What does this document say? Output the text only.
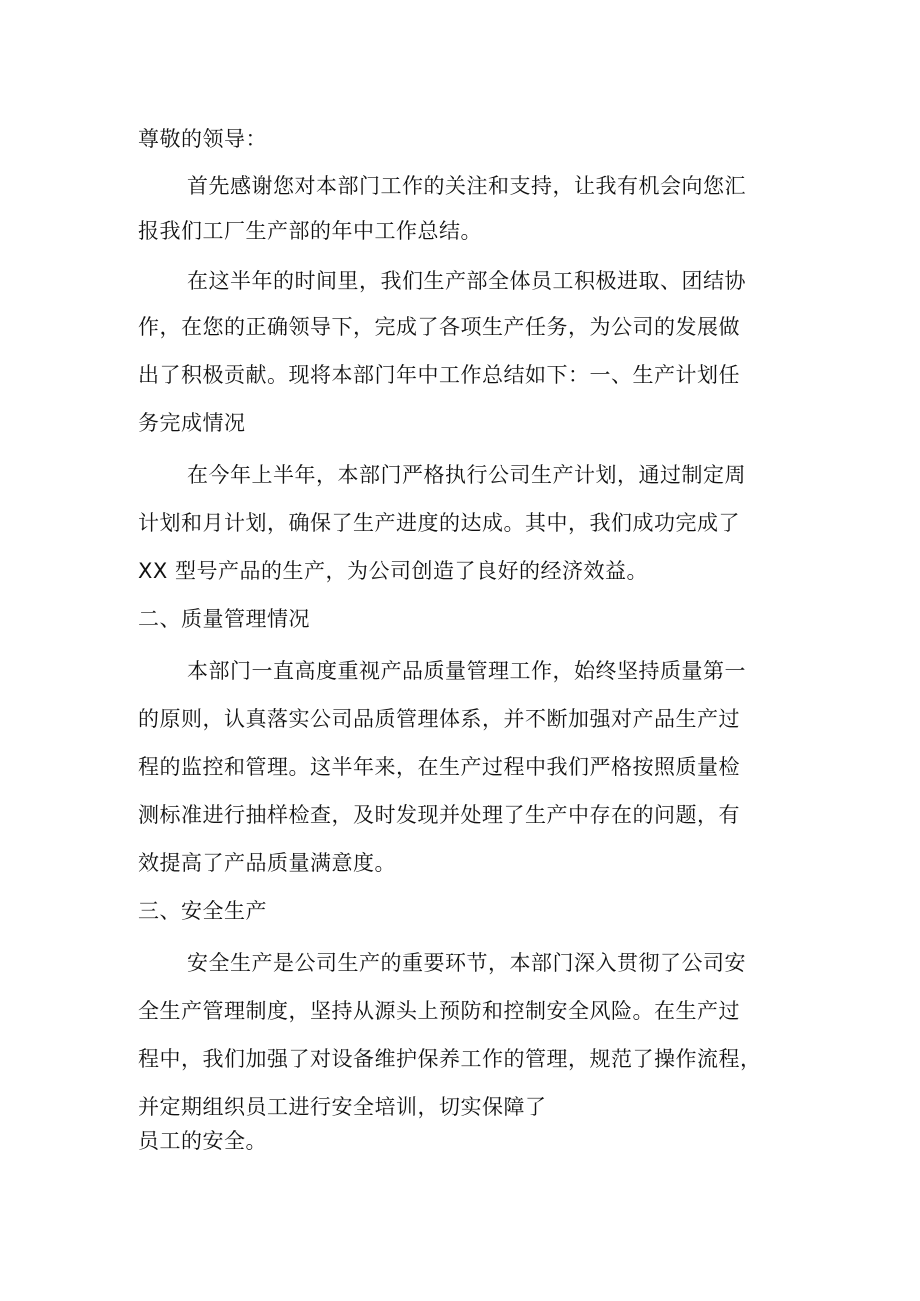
尊敬的领导：
首先感谢您对本部门工作的关注和支持，让我有机会向您汇
报我们工厂生产部的年中工作总结。
在这半年的时间里，我们生产部全体员工积极进取、团结协
作，在您的正确领导下，完成了各项生产任务，为公司的发展做
出了积极贡献。现将本部门年中工作总结如下：一、生产计划任
务完成情况
在今年上半年，本部门严格执行公司生产计划，通过制定周
计划和月计划，确保了生产进度的达成。其中，我们成功完成了
XX 型号产品的生产，为公司创造了良好的经济效益。
二、质量管理情况
本部门一直高度重视产品质量管理工作，始终坚持质量第一
的原则，认真落实公司品质管理体系，并不断加强对产品生产过
程的监控和管理。这半年来，在生产过程中我们严格按照质量检
测标准进行抽样检查，及时发现并处理了生产中存在的问题，有
效提高了产品质量满意度。
三、安全生产
安全生产是公司生产的重要环节，本部门深入贯彻了公司安
全生产管理制度，坚持从源头上预防和控制安全风险。在生产过
程中，我们加强了对设备维护保养工作的管理，规范了操作流程，
并定期组织员工进行安全培训，切实保障了
员工的安全。
